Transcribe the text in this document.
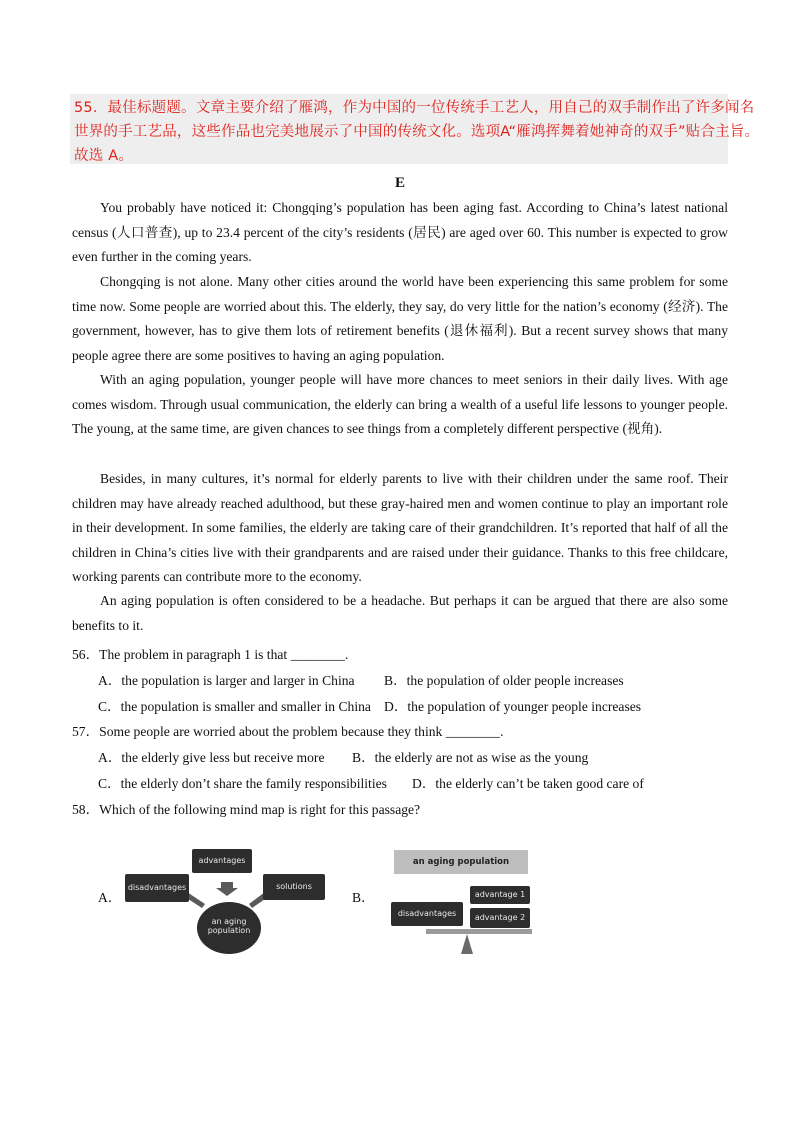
55．最佳标题题。文章主要介绍了雁鸿，作为中国的一位传统手工艺人，用自己的双手制作出了许多闻名
世界的手工艺品，这些作品也完美地展示了中国的传统文化。选项A“雁鸿挥舞着她神奇的双手”贴合主旨。
故选 A。
E

You probably have noticed it: Chongqing’s population has been aging fast. According to China’s latest national census (人口普查), up to 23.4 percent of the city’s residents (居民) are aged over 60. This number is expected to grow even further in the coming years.

Chongqing is not alone. Many other cities around the world have been experiencing this same problem for some time now. Some people are worried about this. The elderly, they say, do very little for the nation’s economy (经济). The government, however, has to give them lots of retirement benefits (退休福利). But a recent survey shows that many people agree there are some positives to having an aging population.

With an aging population, younger people will have more chances to meet seniors in their daily lives. With age comes wisdom. Through usual communication, the elderly can bring a wealth of a useful life lessons to younger people. The young, at the same time, are given chances to see things from a completely different perspective (视角).

Besides, in many cultures, it’s normal for elderly parents to live with their children under the same roof. Their children may have already reached adulthood, but these gray-haired men and women continue to play an important role in their development. In some families, the elderly are taking care of their grandchildren. It’s reported that half of all the children in China’s cities live with their grandparents and are raised under their guidance. Thanks to this free childcare, working parents can contribute more to the economy.

An aging population is often considered to be a headache. But perhaps it can be argued that there are also some benefits to it.

56．The problem in paragraph 1 is that ________.
A．the population is larger and larger in China B．the population of older people increases
C．the population is smaller and smaller in China D．the population of younger people increases
57．Some people are worried about the problem because they think ________.
A．the elderly give less but receive more B．the elderly are not as wise as the young
C．the elderly don’t share the family responsibilities D．the elderly can’t be taken good care of
58．Which of the following mind map is right for this passage?
A．	B．
advantages
disadvantages	solutions
an aging
population
an aging population
advantage 1
disadvantages	advantage 2
